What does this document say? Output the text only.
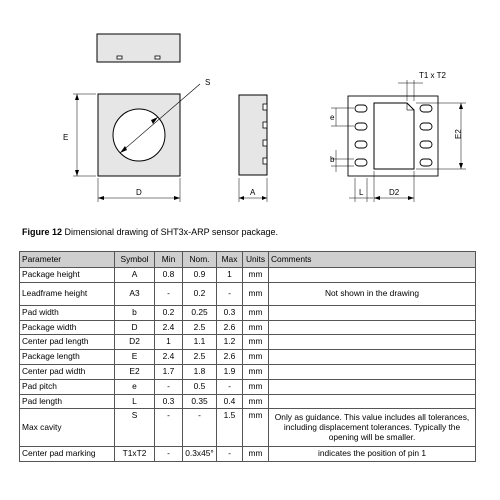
S
E
D	A
T1 x T2
e
b
E2
L	D2
Figure 12 Dimensional drawing of SHT3x-ARP sensor package.
Parameter	Symbol	Min	Nom.	Max	Units	Comments
Package height	A	0.8	0.9	1	mm	
Leadframe height	A3	-	0.2	-	mm	Not shown in the drawing
Pad width	b	0.2	0.25	0.3	mm	
Package width	D	2.4	2.5	2.6	mm	
Center pad length	D2	1	1.1	1.2	mm	
Package length	E	2.4	2.5	2.6	mm	
Center pad width	E2	1.7	1.8	1.9	mm	
Pad pitch	e	-	0.5	-	mm	
Pad length	L	0.3	0.35	0.4	mm	
Max cavity	S	-	-	1.5	mm	Only as guidance. This value includes all tolerances, including displacement tolerances. Typically the opening will be smaller.
Center pad marking	T1xT2	-	0.3x45°	-	mm	indicates the position of pin 1
